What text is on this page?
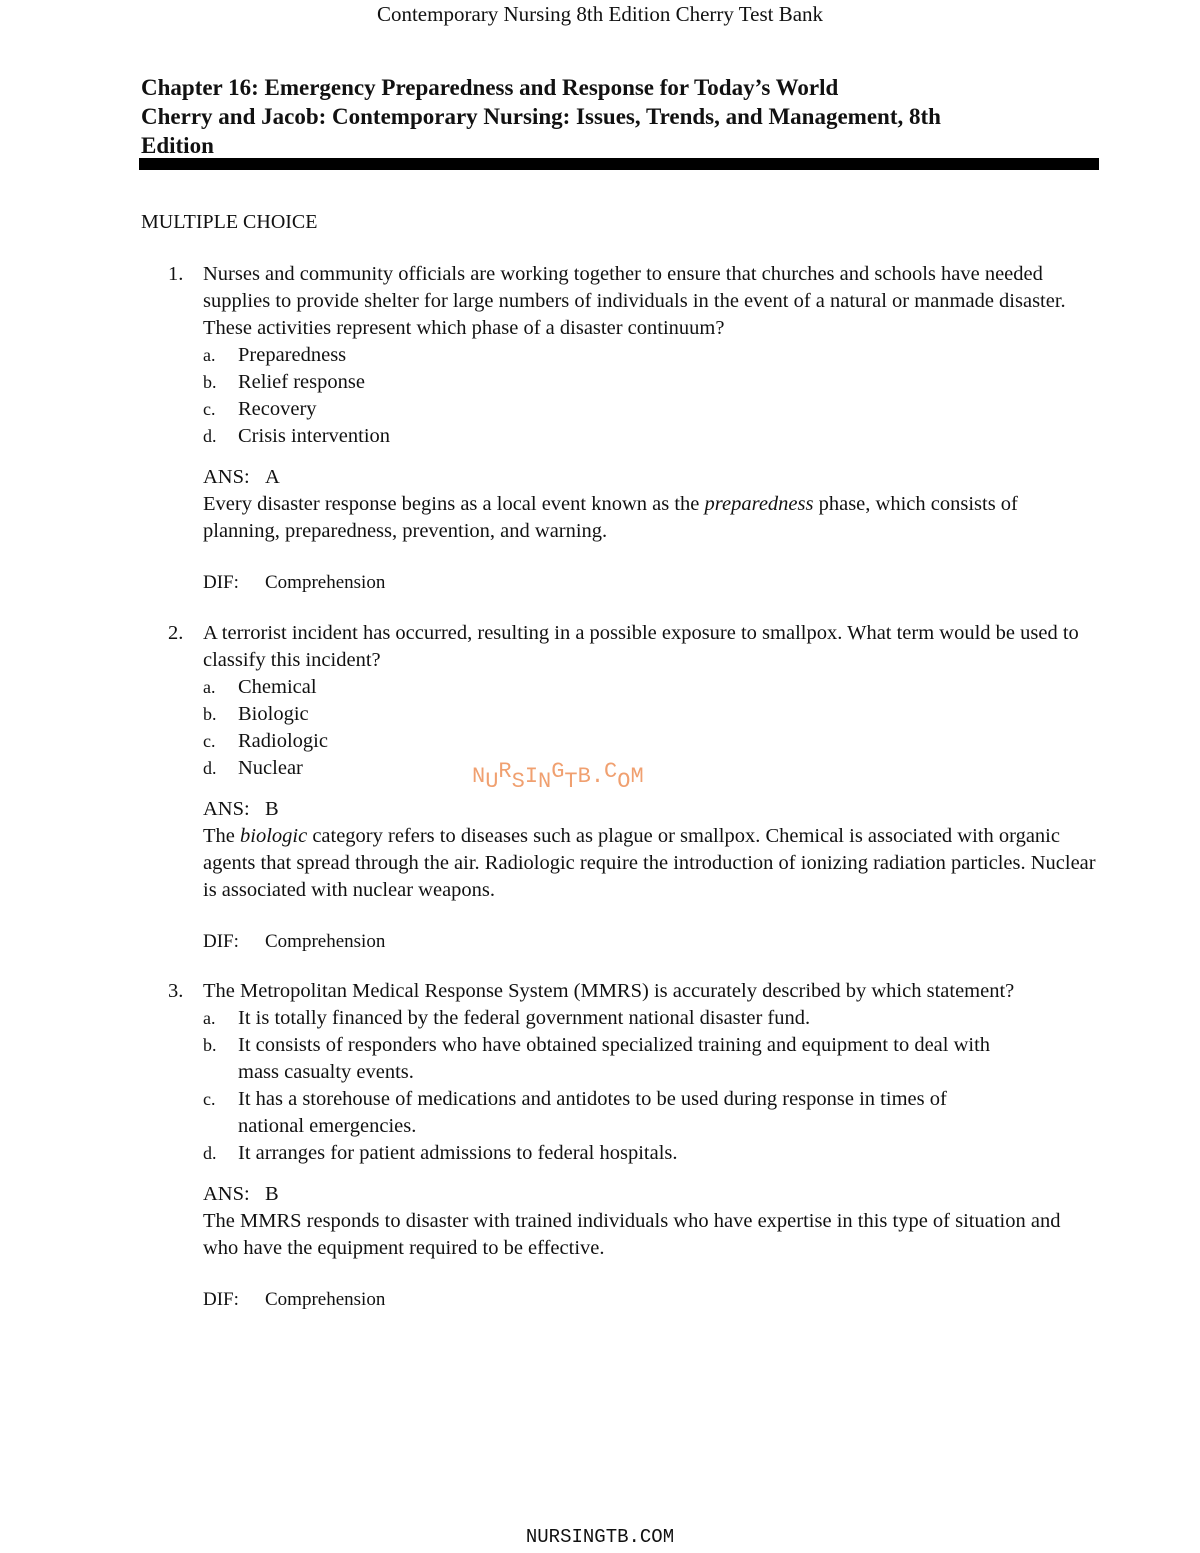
Contemporary Nursing 8th Edition Cherry Test Bank
Chapter 16: Emergency Preparedness and Response for Today’s World
Cherry and Jacob: Contemporary Nursing: Issues, Trends, and Management, 8th
Edition
MULTIPLE CHOICE
1. Nurses and community officials are working together to ensure that churches and schools have needed supplies to provide shelter for large numbers of individuals in the event of a natural or manmade disaster. These activities represent which phase of a disaster continuum?
a.	Preparedness
b.	Relief response
c.	Recovery
d.	Crisis intervention
ANS: A
Every disaster response begins as a local event known as the preparedness phase, which consists of planning, preparedness, prevention, and warning.
DIF: Comprehension
2. A terrorist incident has occurred, resulting in a possible exposure to smallpox. What term would be used to classify this incident?
a.	Chemical
b.	Biologic
c.	Radiologic
d.	Nuclear
ANS: B
The biologic category refers to diseases such as plague or smallpox. Chemical is associated with organic agents that spread through the air. Radiologic require the introduction of ionizing radiation particles. Nuclear is associated with nuclear weapons.
DIF: Comprehension
3. The Metropolitan Medical Response System (MMRS) is accurately described by which statement?
a.	It is totally financed by the federal government national disaster fund.
b.	It consists of responders who have obtained specialized training and equipment to deal with mass casualty events.
c.	It has a storehouse of medications and antidotes to be used during response in times of national emergencies.
d.	It arranges for patient admissions to federal hospitals.
ANS: B
The MMRS responds to disaster with trained individuals who have expertise in this type of situation and who have the equipment required to be effective.
DIF: Comprehension
NURSINGTB.COM
NURSINGTB.COM
